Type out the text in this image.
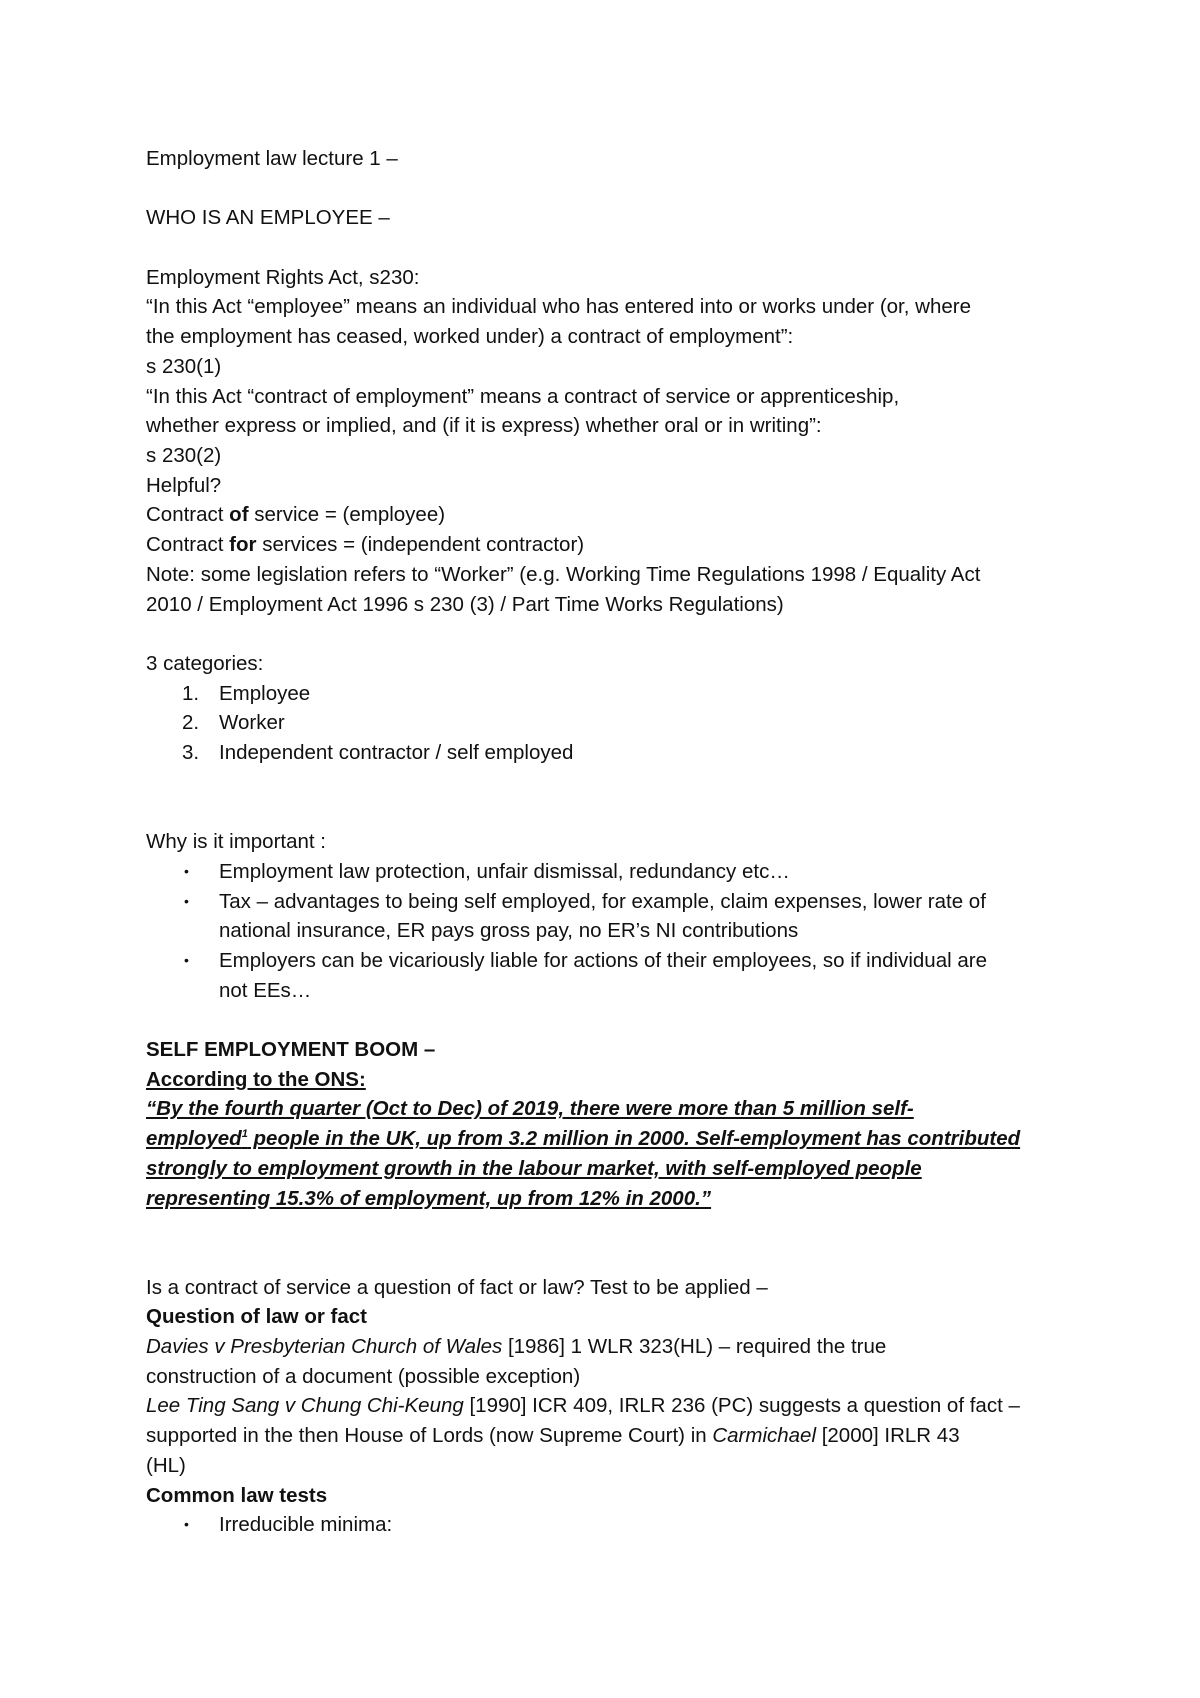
Employment law lecture 1 –
WHO IS AN EMPLOYEE –
Employment Rights Act, s230:
“In this Act “employee” means an individual who has entered into or works under (or, where
the employment has ceased, worked under) a contract of employment”:
s 230(1)
“In this Act “contract of employment” means a contract of service or apprenticeship,
whether express or implied, and (if it is express) whether oral or in writing”:
s 230(2)
Helpful?
Contract of service = (employee)
Contract for services = (independent contractor)
Note: some legislation refers to “Worker” (e.g. Working Time Regulations 1998 / Equality Act
2010 / Employment Act 1996 s 230 (3) / Part Time Works Regulations)
3 categories:
1. Employee
2. Worker
3. Independent contractor / self employed
Why is it important :
•	Employment law protection, unfair dismissal, redundancy etc…
•	Tax – advantages to being self employed, for example, claim expenses, lower rate of
national insurance, ER pays gross pay, no ER’s NI contributions
•	Employers can be vicariously liable for actions of their employees, so if individual are
not EEs…
SELF EMPLOYMENT BOOM –
According to the ONS:
“By the fourth quarter (Oct to Dec) of 2019, there were more than 5 million self-
employed$^1$ people in the UK, up from 3.2 million in 2000. Self-employment has contributed
strongly to employment growth in the labour market, with self-employed people
representing 15.3% of employment, up from 12% in 2000.”
Is a contract of service a question of fact or law? Test to be applied –
Question of law or fact
Davies v Presbyterian Church of Wales [1986] 1 WLR 323(HL) – required the true
construction of a document (possible exception)
Lee Ting Sang v Chung Chi-Keung [1990] ICR 409, IRLR 236 (PC) suggests a question of fact –
supported in the then House of Lords (now Supreme Court) in Carmichael [2000] IRLR 43
(HL)
Common law tests
•	Irreducible minima:
